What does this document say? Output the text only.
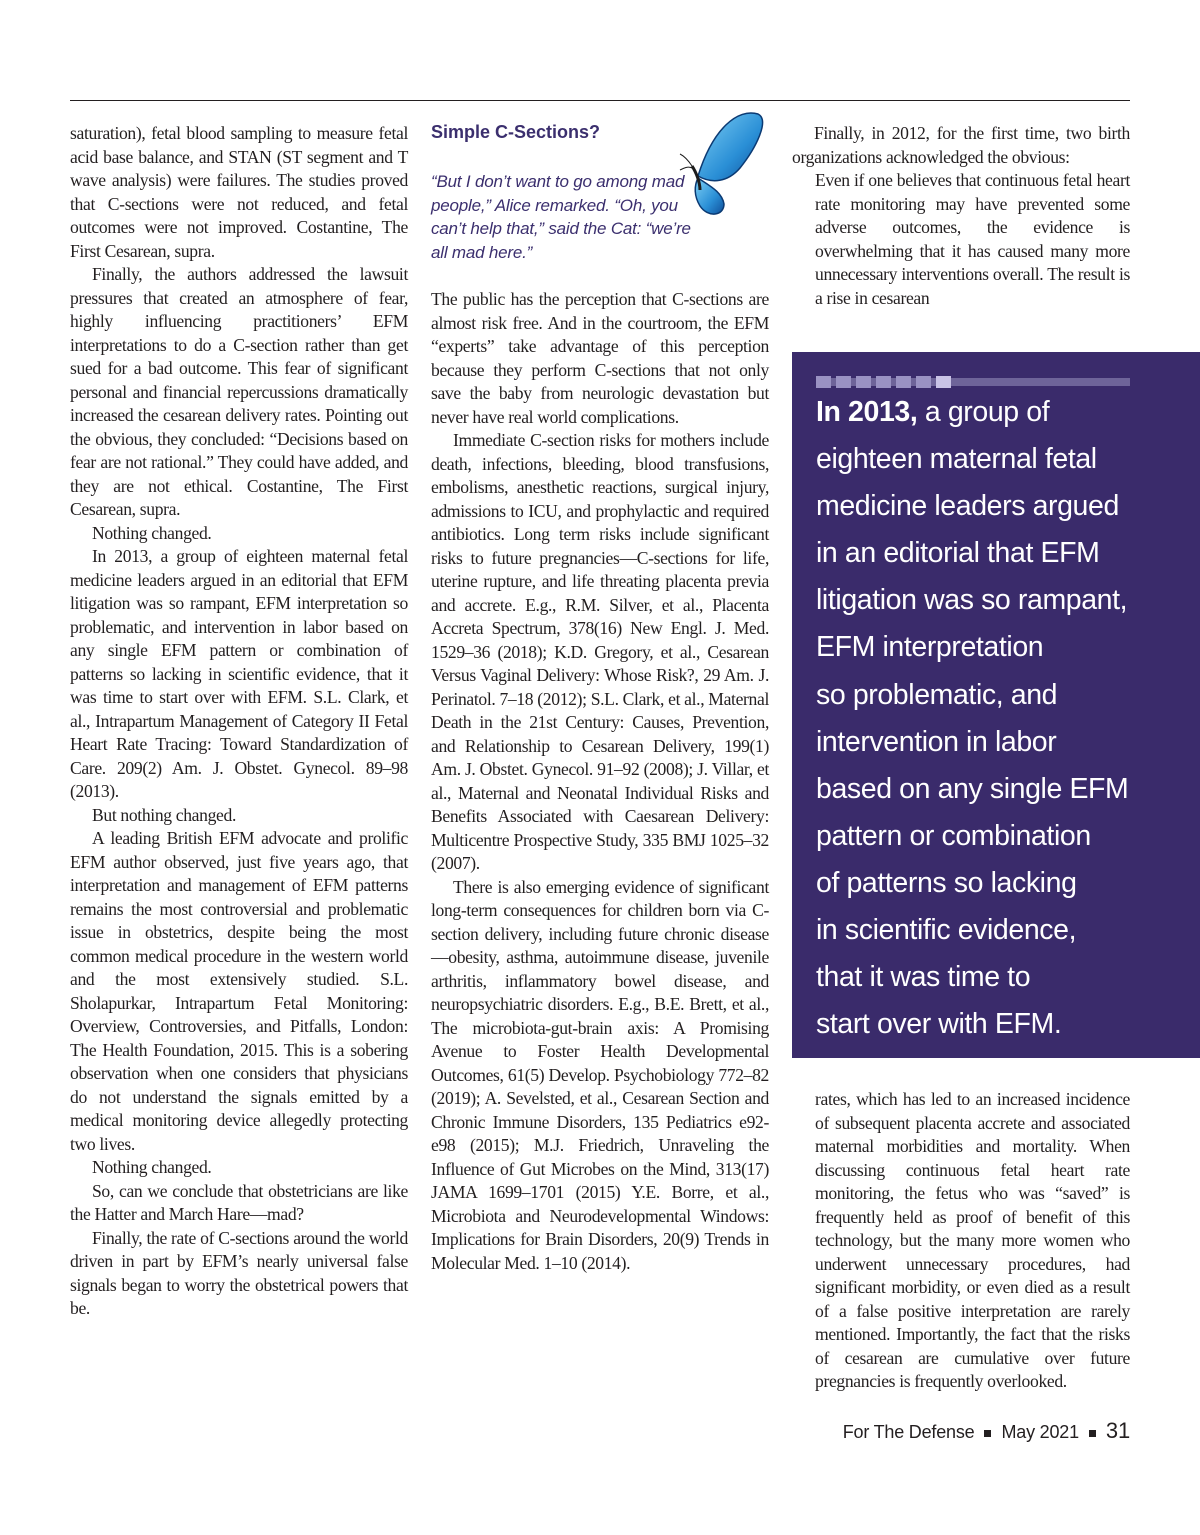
saturation), fetal blood sampling to measure fetal acid base balance, and STAN (ST segment and T wave analysis) were failures. The studies proved that C-sections were not reduced, and fetal outcomes were not improved. Costantine, The First Cesarean, supra.

Finally, the authors addressed the lawsuit pressures that created an atmosphere of fear, highly influencing practitioners’ EFM interpretations to do a C-section rather than get sued for a bad outcome. This fear of significant personal and financial repercussions dramatically increased the cesarean delivery rates. Pointing out the obvious, they concluded: “Decisions based on fear are not rational.” They could have added, and they are not ethical. Costantine, The First Cesarean, supra.

Nothing changed.

In 2013, a group of eighteen maternal fetal medicine leaders argued in an editorial that EFM litigation was so rampant, EFM interpretation so problematic, and intervention in labor based on any single EFM pattern or combination of patterns so lacking in scientific evidence, that it was time to start over with EFM. S.L. Clark, et al., Intrapartum Management of Category II Fetal Heart Rate Tracing: Toward Standardization of Care. 209(2) Am. J. Obstet. Gynecol. 89–98 (2013).

But nothing changed.

A leading British EFM advocate and prolific EFM author observed, just five years ago, that interpretation and management of EFM patterns remains the most controversial and problematic issue in obstetrics, despite being the most common medical procedure in the western world and the most extensively studied. S.L. Sholapurkar, Intrapartum Fetal Monitoring: Overview, Controversies, and Pitfalls, London: The Health Foundation, 2015. This is a sobering observation when one considers that physicians do not understand the signals emitted by a medical monitoring device allegedly protecting two lives.

Nothing changed.

So, can we conclude that obstetricians are like the Hatter and March Hare—mad?

Finally, the rate of C-sections around the world driven in part by EFM’s nearly universal false signals began to worry the obstetrical powers that be.

Simple C-Sections?
“But I don’t want to go among mad people,” Alice remarked. “Oh, you can’t help that,” said the Cat: “we’re all mad here.”

The public has the perception that C-sections are almost risk free. And in the courtroom, the EFM “experts” take advantage of this perception because they perform C-sections that not only save the baby from neurologic devastation but never have real world complications.

Immediate C-section risks for mothers include death, infections, bleeding, blood transfusions, embolisms, anesthetic reactions, surgical injury, admissions to ICU, and prophylactic and required antibiotics. Long term risks include significant risks to future pregnancies—C-sections for life, uterine rupture, and life threating placenta previa and accrete. E.g., R.M. Silver, et al., Placenta Accreta Spectrum, 378(16) New Engl. J. Med. 1529–36 (2018); K.D. Gregory, et al., Cesarean Versus Vaginal Delivery: Whose Risk?, 29 Am. J. Perinatol. 7–18 (2012); S.L. Clark, et al., Maternal Death in the 21st Century: Causes, Prevention, and Relationship to Cesarean Delivery, 199(1) Am. J. Obstet. Gynecol. 91–92 (2008); J. Villar, et al., Maternal and Neonatal Individual Risks and Benefits Associated with Caesarean Delivery: Multicentre Prospective Study, 335 BMJ 1025–32 (2007).

There is also emerging evidence of significant long-term consequences for children born via C-section delivery, including future chronic disease—obesity, asthma, autoimmune disease, juvenile arthritis, inflammatory bowel disease, and neuropsychiatric disorders. E.g., B.E. Brett, et al., The microbiota-gut-brain axis: A Promising Avenue to Foster Health Developmental Outcomes, 61(5) Develop. Psychobiology 772–82 (2019); A. Sevelsted, et al., Cesarean Section and Chronic Immune Disorders, 135 Pediatrics e92-e98 (2015); M.J. Friedrich, Unraveling the Influence of Gut Microbes on the Mind, 313(17) JAMA 1699–1701 (2015) Y.E. Borre, et al., Microbiota and Neurodevelopmental Windows: Implications for Brain Disorders, 20(9) Trends in Molecular Med. 1–10 (2014).

Finally, in 2012, for the first time, two birth organizations acknowledged the obvious:

Even if one believes that continuous fetal heart rate monitoring may have prevented some adverse outcomes, the evidence is overwhelming that it has caused many more unnecessary interventions overall. The result is a rise in cesarean

In 2013, a group of
eighteen maternal fetal
medicine leaders argued
in an editorial that EFM
litigation was so rampant,
EFM interpretation
so problematic, and
intervention in labor
based on any single EFM
pattern or combination
of patterns so lacking
in scientific evidence,
that it was time to
start over with EFM.

rates, which has led to an increased incidence of subsequent placenta accrete and associated maternal morbidities and mortality. When discussing continuous fetal heart rate monitoring, the fetus who was “saved” is frequently held as proof of benefit of this technology, but the many more women who underwent unnecessary procedures, had significant morbidity, or even died as a result of a false positive interpretation are rarely mentioned. Importantly, the fact that the risks of cesarean are cumulative over future pregnancies is frequently overlooked.

For The Defense May 2021 31
